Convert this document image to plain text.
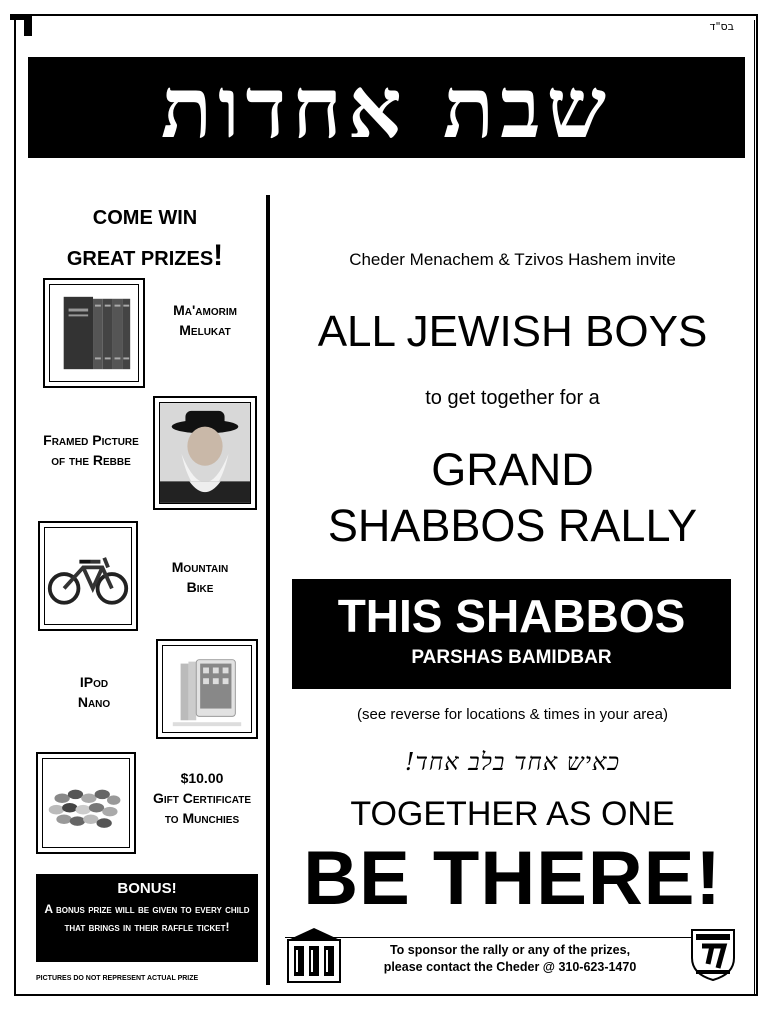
בס"ד
שבת אחדות
COME WIN
GREAT PRIZES!
Ma'amorim
Melukat
Framed Picture
of the Rebbe
Mountain
Bike
IPod
Nano
$10.00
Gift Certificate
to Munchies
BONUS!
A bonus prize will be given to every child that brings in their raffle ticket!
PICTURES DO NOT REPRESENT ACTUAL PRIZE
Cheder Menachem & Tzivos Hashem invite
ALL JEWISH BOYS
to get together for a
GRAND
SHABBOS RALLY
THIS SHABBOS
PARSHAS BAMIDBAR
(see reverse for locations & times in your area)
כאיש אחד בלב אחד!
TOGETHER AS ONE
BE THERE!
To sponsor the rally or any of the prizes,
please contact the Cheder @ 310-623-1470
